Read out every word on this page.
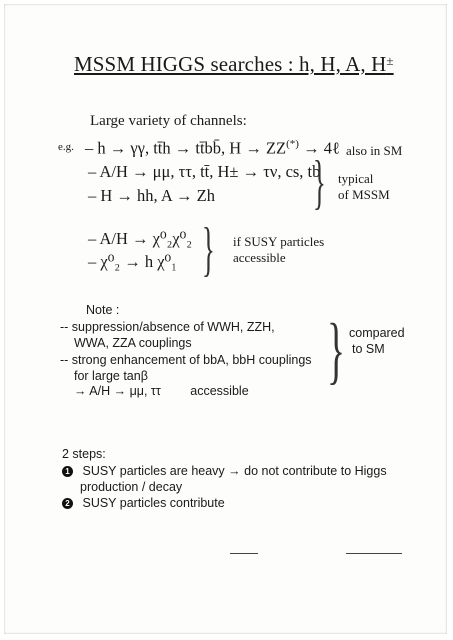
MSSM HIGGS searches : h, H, A, H±
Large variety of channels:
e.g. – h → γγ, tt̄h → tt̄bb̄, H → ZZ(*) → 4ℓ also in SM
– A/H → μμ, ττ, tt̄, H± → τν, cs, tb
– H → hh, A → Zh } typical
of MSSM
– A/H → χ⁰₂χ⁰₂
– χ⁰₂ → h χ⁰₁ } if SUSY particles
accessible
Note :
-- suppression/absence of WWH, ZZH,
WWA, ZZA couplings
-- strong enhancement of bbA, bbH couplings
for large tanβ
→ A/H → μμ, ττ accessible } compared
to SM
2 steps:
1 SUSY particles are heavy → do not contribute to Higgs
production / decay
2 SUSY particles contribute
